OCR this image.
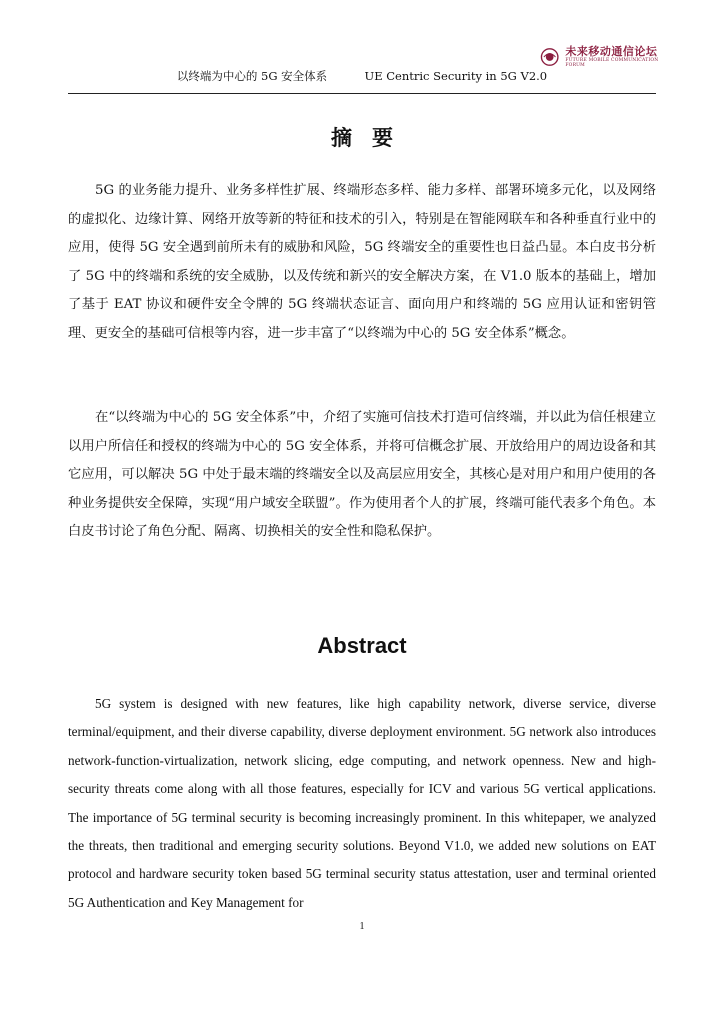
未来移动通信论坛
FUTURE MOBILE COMMUNICATION FORUM
以终端为中心的 5G 安全体系	UE Centric Security in 5G V2.0
摘要

5G 的业务能力提升、业务多样性扩展、终端形态多样、能力多样、部署环境多元化，以及网络的虚拟化、边缘计算、网络开放等新的特征和技术的引入，特别是在智能网联车和各种垂直行业中的应用，使得 5G 安全遇到前所未有的威胁和风险，5G 终端安全的重要性也日益凸显。本白皮书分析了 5G 中的终端和系统的安全威胁，以及传统和新兴的安全解决方案，在 V1.0 版本的基础上，增加了基于 EAT 协议和硬件安全令牌的 5G 终端状态证言、面向用户和终端的 5G 应用认证和密钥管理、更安全的基础可信根等内容，进一步丰富了“以终端为中心的 5G 安全体系”概念。

在“以终端为中心的 5G 安全体系”中，介绍了实施可信技术打造可信终端，并以此为信任根建立以用户所信任和授权的终端为中心的 5G 安全体系，并将可信概念扩展、开放给用户的周边设备和其它应用，可以解决 5G 中处于最末端的终端安全以及高层应用安全，其核心是对用户和用户使用的各种业务提供安全保障，实现“用户域安全联盟”。作为使用者个人的扩展，终端可能代表多个角色。本白皮书讨论了角色分配、隔离、切换相关的安全性和隐私保护。

Abstract

5G system is designed with new features, like high capability network, diverse service, diverse terminal/equipment, and their diverse capability, diverse deployment environment. 5G network also introduces network-function-virtualization, network slicing, edge computing, and network openness. New and high-security threats come along with all those features, especially for ICV and various 5G vertical applications. The importance of 5G terminal security is becoming increasingly prominent. In this whitepaper, we analyzed the threats, then traditional and emerging security solutions. Beyond V1.0, we added new solutions on EAT protocol and hardware security token based 5G terminal security status attestation, user and terminal oriented 5G Authentication and Key Management for

1
